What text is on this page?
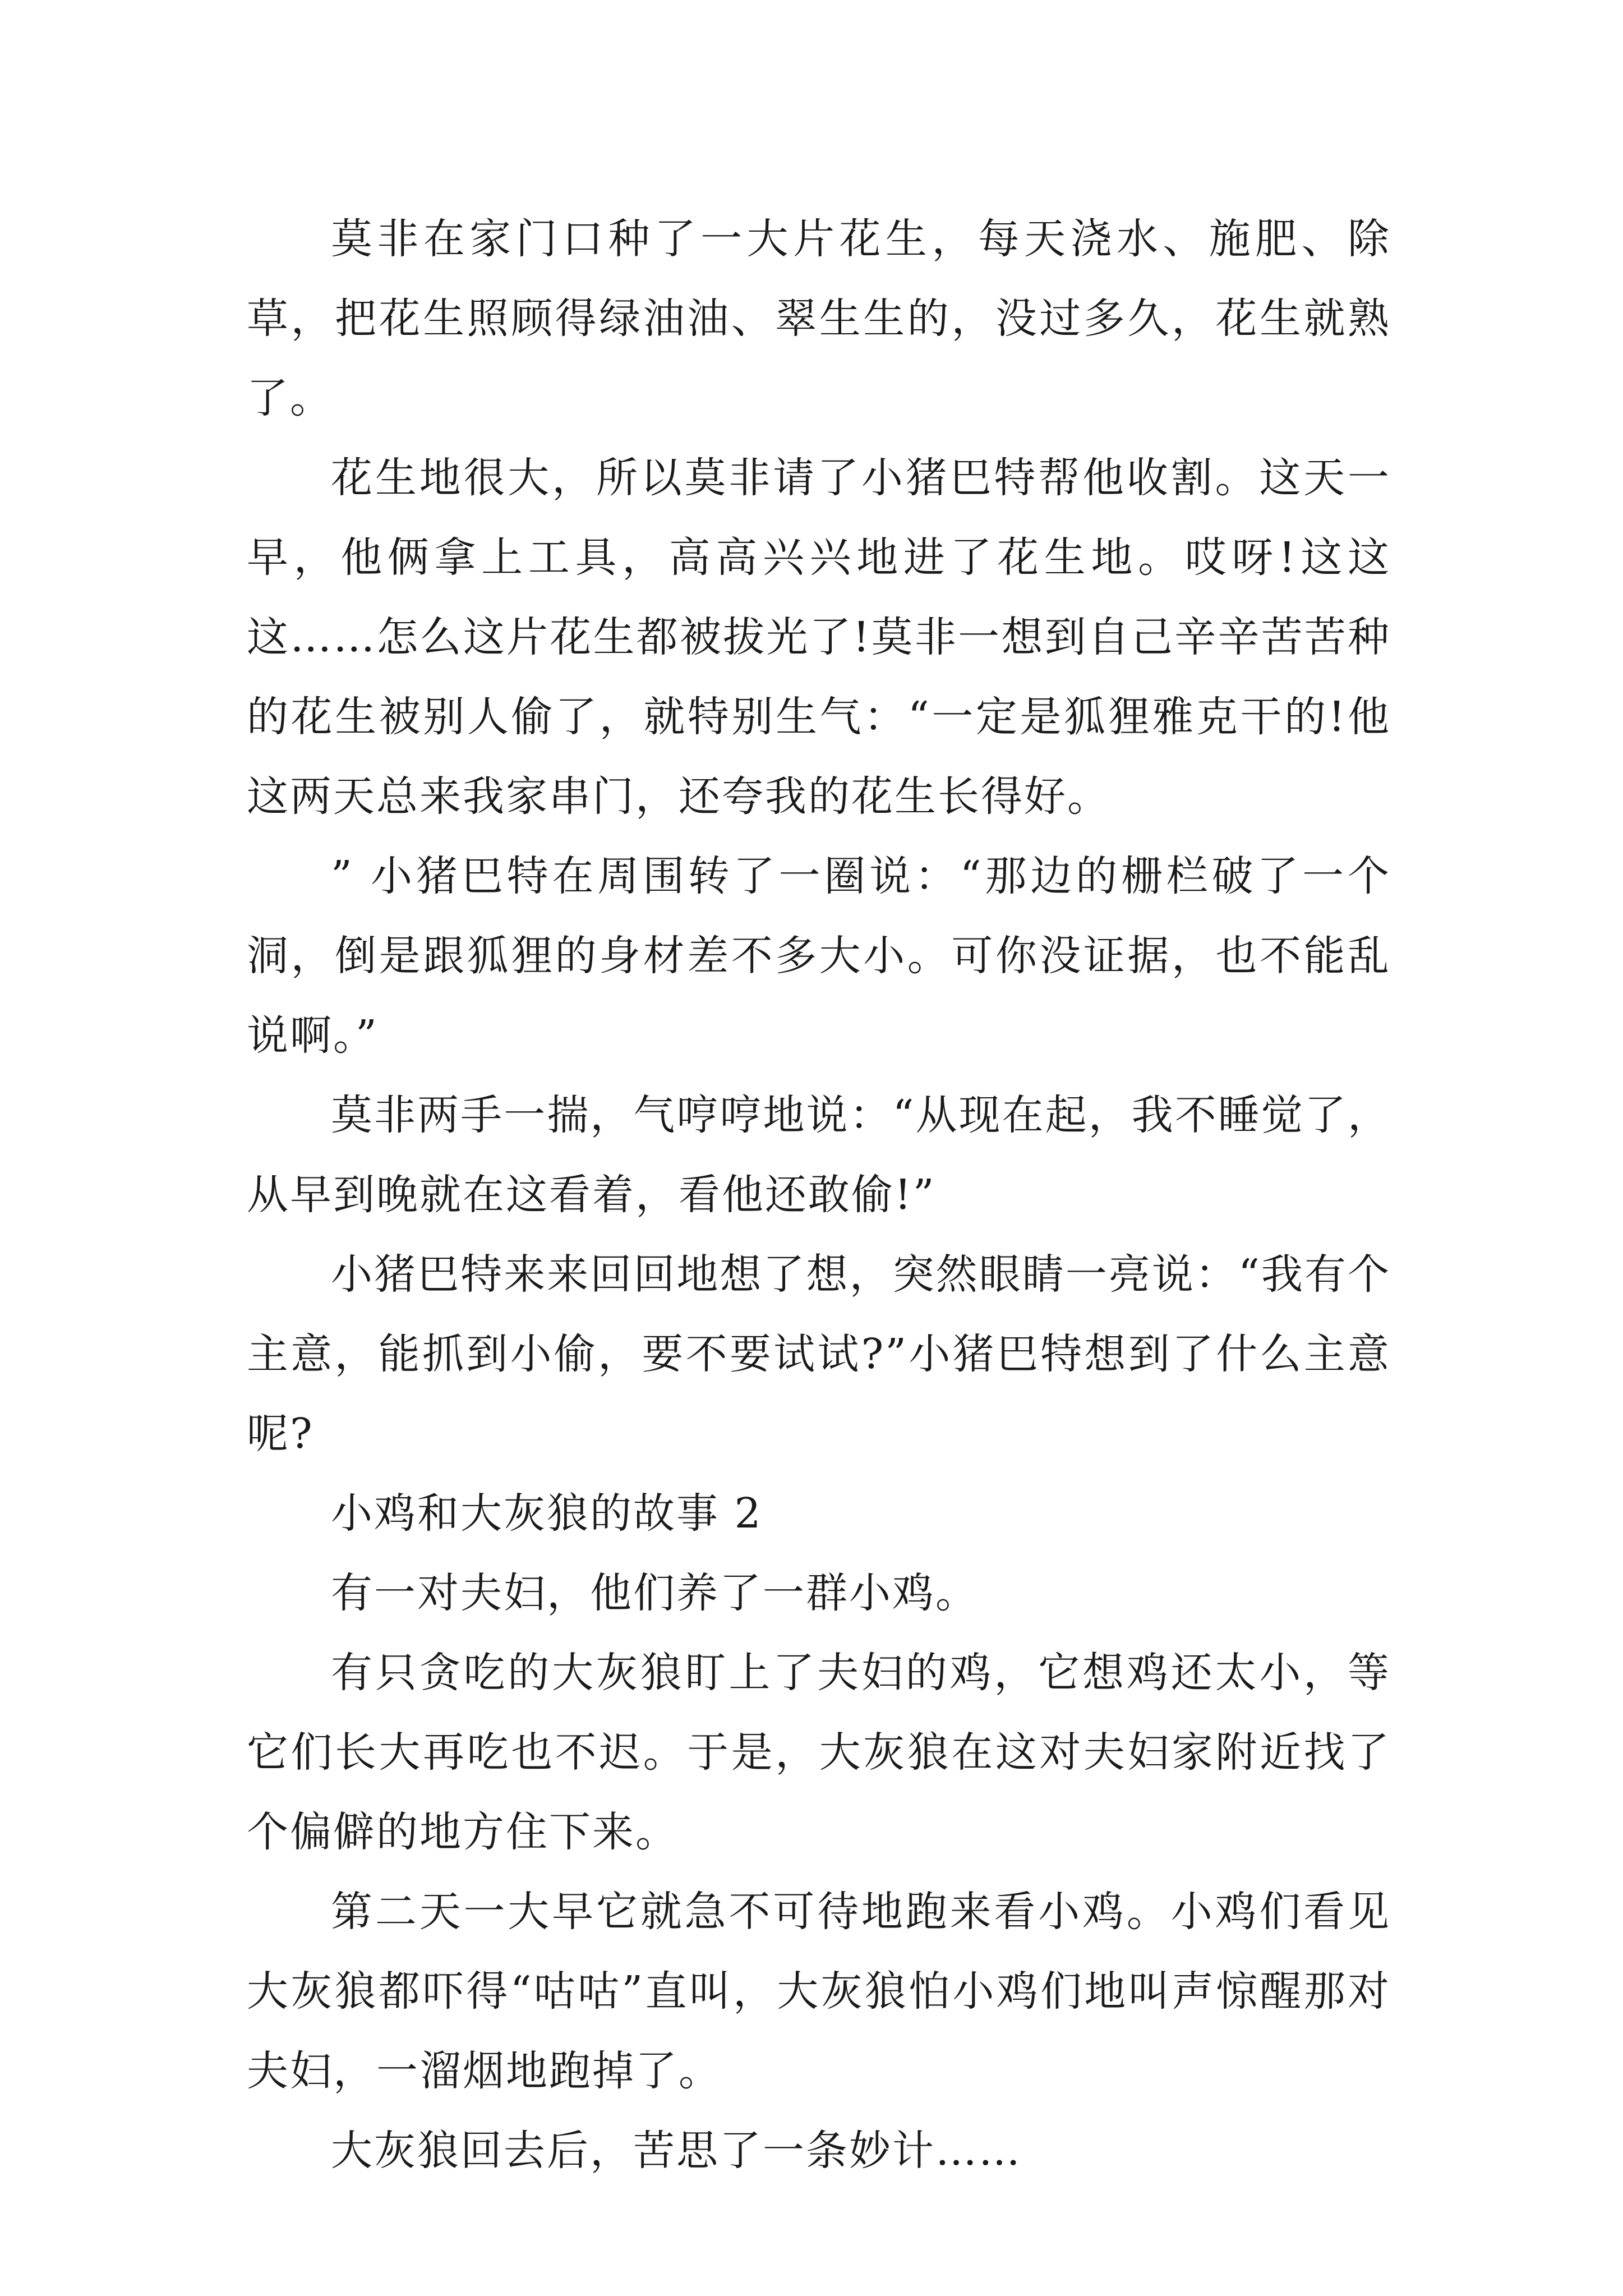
莫非在家门口种了一大片花生，每天浇水、施肥、除草，把花生照顾得绿油油、翠生生的，没过多久，花生就熟了。

花生地很大，所以莫非请了小猪巴特帮他收割。这天一早，他俩拿上工具，高高兴兴地进了花生地。哎呀!这这这……怎么这片花生都被拔光了!莫非一想到自己辛辛苦苦种的花生被别人偷了，就特别生气：“一定是狐狸雅克干的!他这两天总来我家串门，还夸我的花生长得好。

” 小猪巴特在周围转了一圈说：“那边的栅栏破了一个洞，倒是跟狐狸的身材差不多大小。可你没证据，也不能乱说啊。”

莫非两手一揣，气哼哼地说：“从现在起，我不睡觉了，从早到晚就在这看着，看他还敢偷!”

小猪巴特来来回回地想了想，突然眼睛一亮说：“我有个主意，能抓到小偷，要不要试试?”小猪巴特想到了什么主意呢?

小鸡和大灰狼的故事 2

有一对夫妇，他们养了一群小鸡。

有只贪吃的大灰狼盯上了夫妇的鸡，它想鸡还太小，等它们长大再吃也不迟。于是，大灰狼在这对夫妇家附近找了个偏僻的地方住下来。

第二天一大早它就急不可待地跑来看小鸡。小鸡们看见大灰狼都吓得“咕咕”直叫，大灰狼怕小鸡们地叫声惊醒那对夫妇，一溜烟地跑掉了。

大灰狼回去后，苦思了一条妙计……
